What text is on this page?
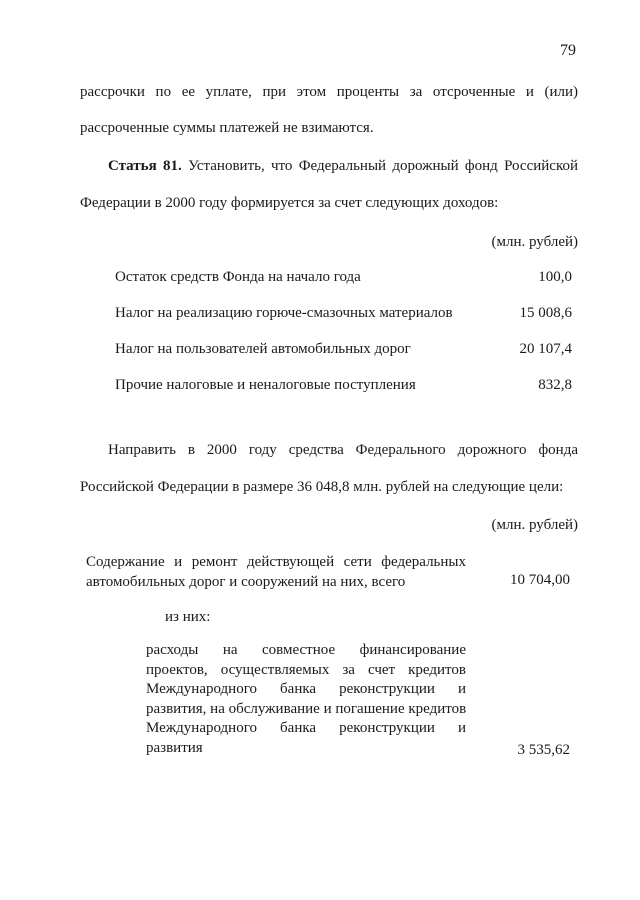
79
рассрочки по ее уплате, при этом проценты за отсроченные и (или)
рассроченные суммы платежей не взимаются.
Статья 81. Установить, что Федеральный дорожный фонд Российской
Федерации в 2000 году формируется за счет следующих доходов:
(млн. рублей)
Остаток средств Фонда на начало года	100,0
Налог на реализацию горюче-смазочных материалов	15 008,6
Налог на пользователей автомобильных дорог	20 107,4
Прочие налоговые и неналоговые поступления	832,8
Направить в 2000 году средства Федерального дорожного фонда
Российской Федерации в размере 36 048,8 млн. рублей на следующие цели:
(млн. рублей)
Содержание и ремонт действующей сети федеральных
автомобильных дорог и сооружений на них, всего	10 704,00
из них:
расходы на совместное финансирование
проектов, осуществляемых за счет кредитов
Международного банка реконструкции и
развития, на обслуживание и погашение кредитов
Международного банка реконструкции и
развития	3 535,62
